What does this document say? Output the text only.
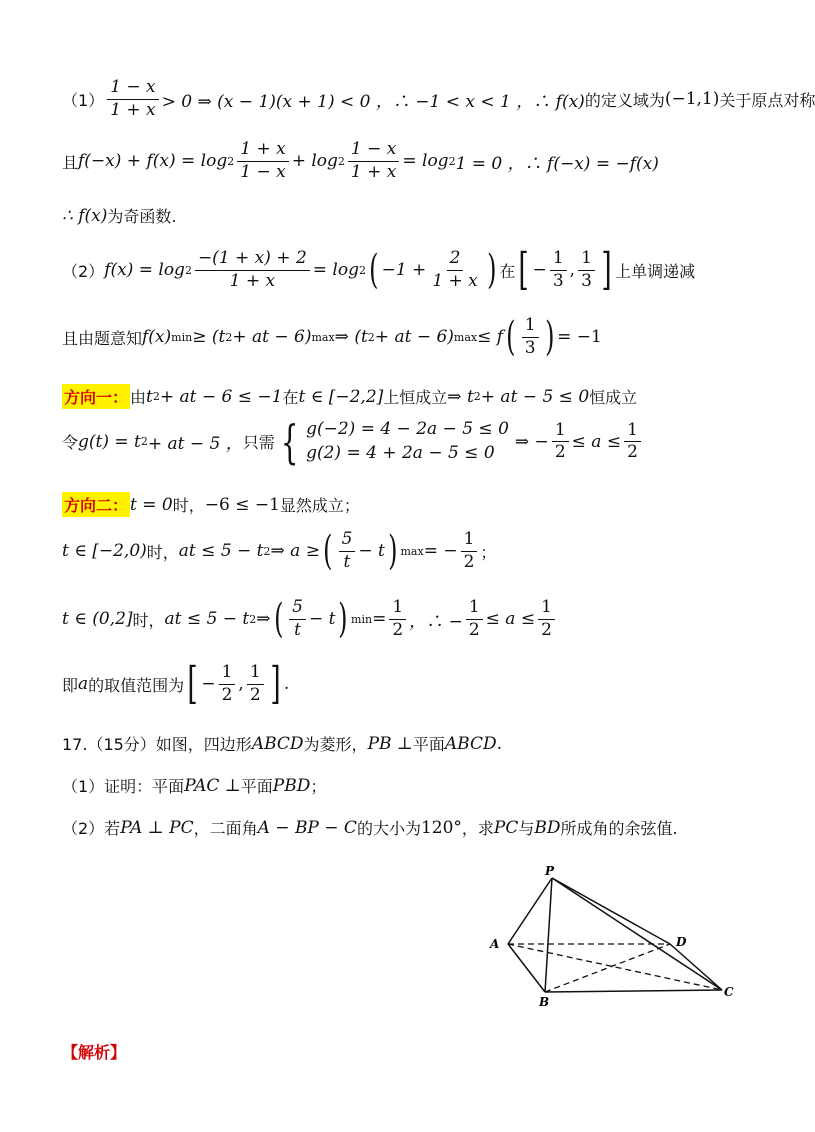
$(1) \frac{1 - x}{1 + x} > 0$ ⇒ (x − 1)(x + 1) < 0 ，∴ −1 < x < 1 ，∴ f(x) 的定义域为 (−1,1) 关于原点对称
且 $f(-x) + f(x) = \log 2 \frac{1 + x}{1 - x} + \log 2 \frac{1 - x}{1 + x} = \log 2$ 1 = 0 ，∴ f(−x) = −f(x)
∴ f(x) 为奇函数.
（2） $f(x) = \log 2 \frac{-(1 + x) + 2}{1 + x} = \log 2$ ( $-1 + \frac{2}{1 + x}$ ) 在 [ − $\frac{1}{3}$ , $\frac{1}{3}$ ] 上单调递减
且由题意知 f(x) min ≥ (t 2 + at − 6) max ⇒ (t 2 + at − 6) max ≤ f ( $\frac{1}{3}$ ) = −1
方向一： 由 t 2 + at − 6 ≤ −1 在 t ∈ [−2,2] 上恒成立 ⇒ t 2 + at − 5 ≤ 0 恒成立
令 g(t) = t 2 + at − 5 ， 只需 { g(−2) = 4 − 2a − 5 ≤ 0
g(2) = 4 + 2a − 5 ≤ 0
⇒ − $\frac{1}{2} \le a \le \frac{1}{2}$
方向二： t = 0 时， −6 ≤ −1 显然成立；
t ∈ [−2,0) 时， at ≤ 5 − t 2 ⇒ a ≥ ( $\frac{5}{t} - t$ ) max = − $\frac{1}{2}$ ；
t ∈ (0,2] 时， at ≤ 5 − t 2 ⇒ ( $\frac{5}{t} - t$ ) $\min = \frac{1}{2}$ ，∴ − $\frac{1}{2} \le a \le \frac{1}{2}$
即 a 的取值范围为 [ − $\frac{1}{2}$ , $\frac{1}{2}$ ] .
17.（15分）如图，四边形 ABCD 为菱形， PB ⊥ 平面 ABCD .
（1）证明：平面 PAC ⊥ 平面 PBD ；
（2）若 PA ⊥ PC ，二面角 A − BP − C 的大小为 120° ，求 PC 与 BD 所成角的余弦值.
P
A
B
C
D
【解析】
